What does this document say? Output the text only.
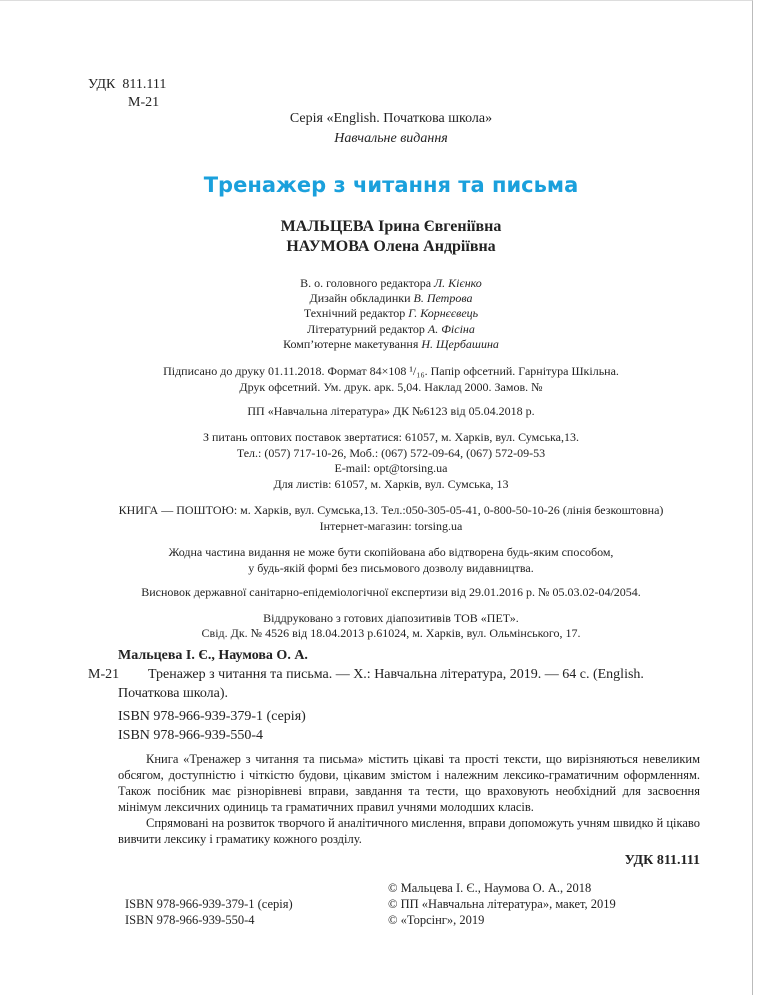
УДК 811.111
М-21
Серія «English. Початкова школа»
Навчальне видання
Тренажер з читання та письма
МАЛЬЦЕВА Ірина Євгеніївна
НАУМОВА Олена Андріївна
В. о. головного редактора Л. Кієнко
Дизайн обкладинки В. Петрова
Технічний редактор Г. Корнєєвець
Літературний редактор А. Фісіна
Комп’ютерне макетування Н. Щербашина
Підписано до друку 01.11.2018. Формат 84×108 ¹/₁₆. Папір офсетний. Гарнітура Шкільна.
Друк офсетний. Ум. друк. арк. 5,04. Наклад 2000. Замов. №
ПП «Навчальна література» ДК №6123 від 05.04.2018 р.
З питань оптових поставок звертатися: 61057, м. Харків, вул. Сумська,13.
Тел.: (057) 717-10-26, Моб.: (067) 572-09-64, (067) 572-09-53
E-mail: opt@torsing.ua
Для листів: 61057, м. Харків, вул. Сумська, 13
КНИГА — ПОШТОЮ: м. Харків, вул. Сумська,13. Тел.:050-305-05-41, 0-800-50-10-26 (лінія безкоштовна)
Інтернет-магазин: torsing.ua
Жодна частина видання не може бути скопійована або відтворена будь-яким способом,
у будь-якій формі без письмового дозволу видавництва.
Висновок державної санітарно-епідеміологічної експертизи від 29.01.2016 р. № 05.03.02-04/2054.
Віддруковано з готових діапозитивів ТОВ «ПЕТ».
Свід. Дк. № 4526 від 18.04.2013 р.61024, м. Харків, вул. Ольмінського, 17.
Мальцева І. Є., Наумова О. А.
М-21	Тренажер з читання та письма. — Х.: Навчальна література, 2019. — 64 с. (English.
Початкова школа).
ISBN 978-966-939-379-1 (серія)
ISBN 978-966-939-550-4

Книга «Тренажер з читання та письма» містить цікаві та прості тексти, що вирізняються невеликим обсягом, доступністю і чіткістю будови, цікавим змістом і належним лексико-граматичним оформленням. Також посібник має різнорівневі вправи, завдання та тести, що враховують необхідний для засвоєння мінімум лексичних одиниць та граматичних правил учнями молодших класів.

Спрямовані на розвиток творчого й аналітичного мислення, вправи допоможуть учням швидко й цікаво вивчити лексику і граматику кожного розділу.

УДК 811.111
ISBN 978-966-939-379-1 (серія)
ISBN 978-966-939-550-4
© Мальцева І. Є., Наумова О. А., 2018
© ПП «Навчальна література», макет, 2019
© «Торсінг», 2019
